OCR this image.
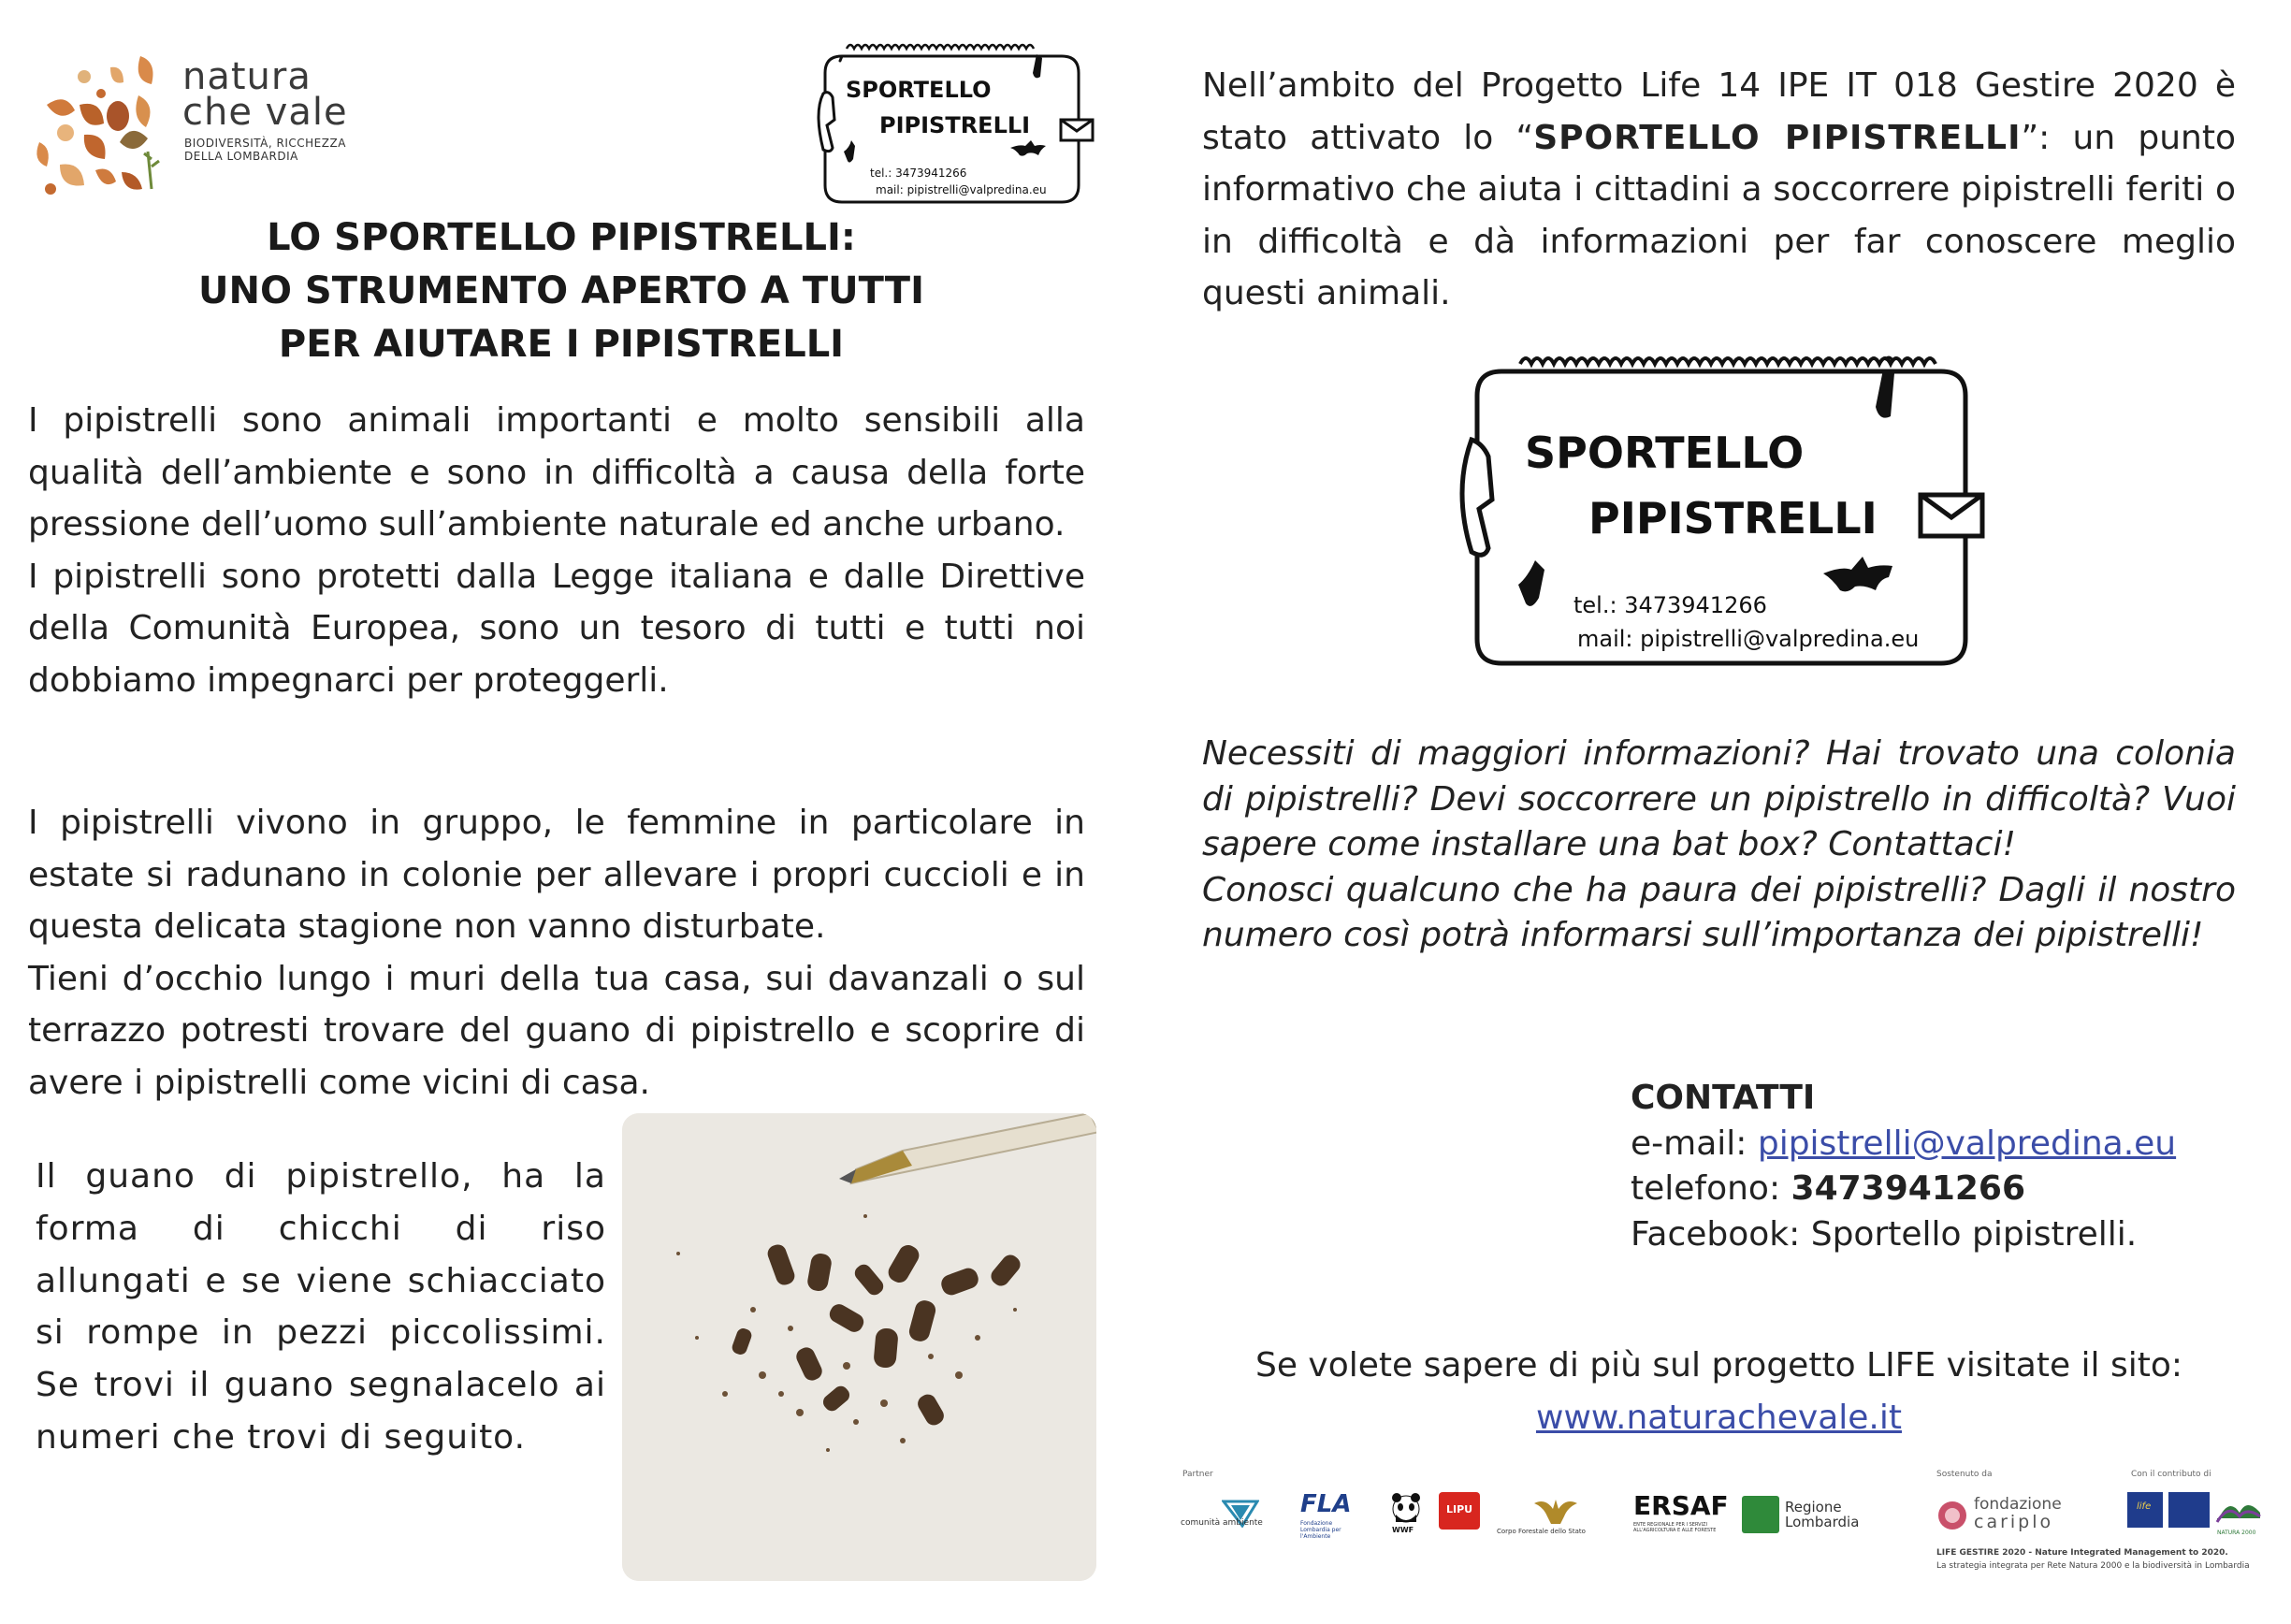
natura
che vale
BIODIVERSITÀ, RICCHEZZA
DELLA LOMBARDIA
SPORTELLO
PIPISTRELLI
tel.: 3473941266
mail: pipistrelli@valpredina.eu
LO SPORTELLO PIPISTRELLI:
UNO STRUMENTO APERTO A TUTTI
PER AIUTARE I PIPISTRELLI

I pipistrelli sono animali importanti e molto sensibili alla qualità dell’ambiente e sono in difficoltà a causa della forte pressione dell’uomo sull’ambiente naturale ed anche urbano.

I pipistrelli sono protetti dalla Legge italiana e dalle Direttive della Comunità Europea, sono un tesoro di tutti e tutti noi dobbiamo impegnarci per proteggerli.

I pipistrelli vivono in gruppo, le femmine in particolare in estate si radunano in colonie per allevare i propri cuccioli e in questa delicata stagione non vanno disturbate.

Tieni d’occhio lungo i muri della tua casa, sui davanzali o sul terrazzo potresti trovare del guano di pipistrello e scoprire di avere i pipistrelli come vicini di casa.

Il guano di pipistrello, ha la forma di chicchi di riso allungati e se viene schiacciato si rompe in pezzi piccolissimi. Se trovi il guano segnalacelo ai numeri che trovi di seguito.
Nell’ambito del Progetto Life 14 IPE IT 018 Gestire 2020 è stato attivato lo “SPORTELLO PIPISTRELLI”: un punto informativo che aiuta i cittadini a soccorrere pipistrelli feriti o in difficoltà e dà informazioni per far conoscere meglio questi animali.
SPORTELLO
PIPISTRELLI
tel.: 3473941266
mail: pipistrelli@valpredina.eu

Necessiti di maggiori informazioni? Hai trovato una colonia di pipistrelli? Devi soccorrere un pipistrello in difficoltà? Vuoi sapere come installare una bat box? Contattaci!

Conosci qualcuno che ha paura dei pipistrelli? Dagli il nostro numero così potrà informarsi sull’importanza dei pipistrelli!

CONTATTI
e-mail: pipistrelli@valpredina.eu
telefono: 3473941266
Facebook: Sportello pipistrelli.
Se volete sapere di più sul progetto LIFE visitate il sito:
www.naturachevale.it
Partner	Sostenuto da	Con il contributo di
comunità ambiente
FLA
Fondazione Lombardia per l'Ambiente
WWF
LIPU
Corpo Forestale dello Stato
ERSAF
ENTE REGIONALE PER I SERVIZI ALL'AGRICOLTURA E ALLE FORESTE
Regione
Lombardia
fondazione
cariplo
life
NATURA 2000
LIFE GESTIRE 2020 - Nature Integrated Management to 2020.
La strategia integrata per Rete Natura 2000 e la biodiversità in Lombardia
